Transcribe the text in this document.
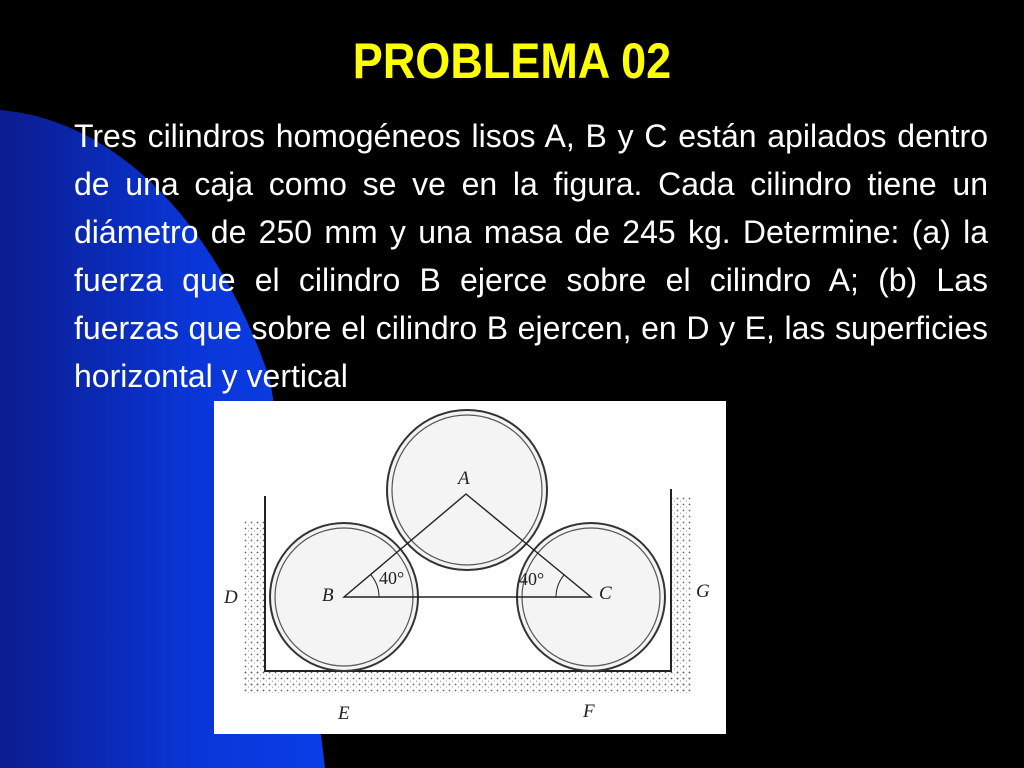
PROBLEMA 02
Tres cilindros homogéneos lisos A, B y C están apilados dentro de una caja como se ve en la figura. Cada cilindro tiene un diámetro de 250 mm y una masa de 245 kg. Determine: (a) la fuerza que el cilindro B ejerce sobre el cilindro A; (b) Las fuerzas que sobre el cilindro B ejercen, en D y E, las superficies horizontal y vertical
A
B	C
D	G
E	F
40°	40°
